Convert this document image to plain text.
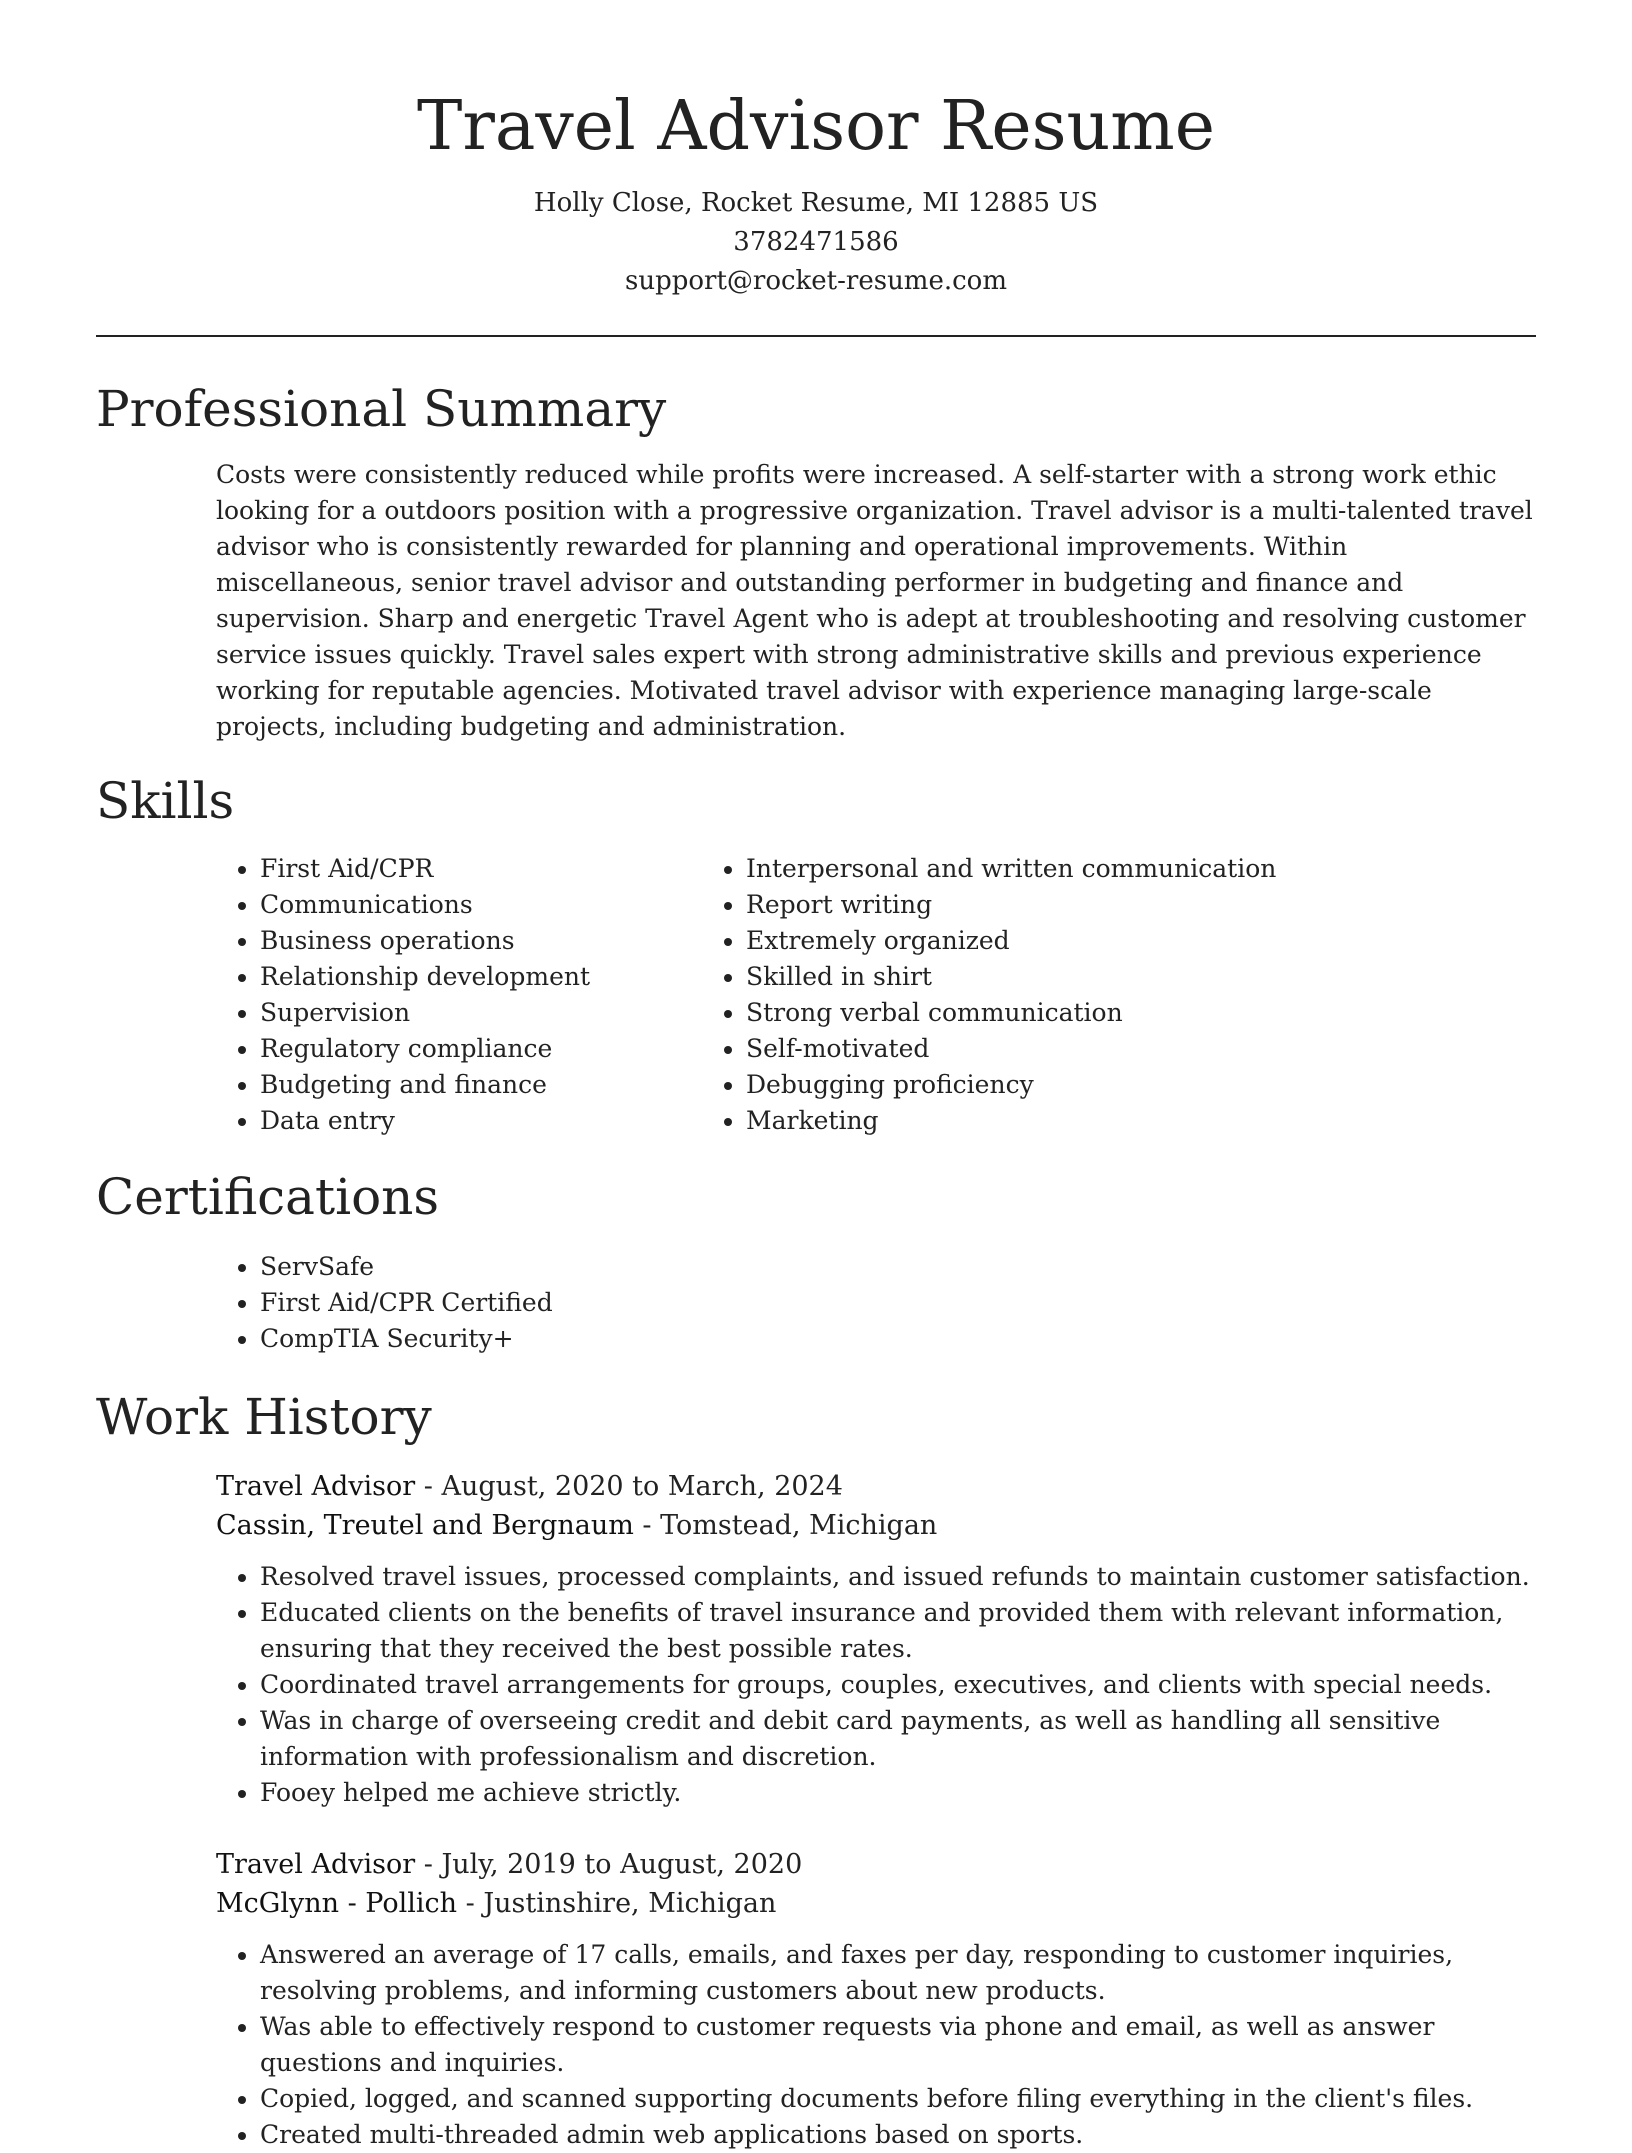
Travel Advisor Resume
Holly Close, Rocket Resume, MI 12885 US
3782471586
support@rocket-resume.com
Professional Summary

Costs were consistently reduced while profits were increased. A self-starter with a strong work ethic looking for a outdoors position with a progressive organization. Travel advisor is a multi-talented travel advisor who is consistently rewarded for planning and operational improvements. Within miscellaneous, senior travel advisor and outstanding performer in budgeting and finance and supervision. Sharp and energetic Travel Agent who is adept at troubleshooting and resolving customer service issues quickly. Travel sales expert with strong administrative skills and previous experience working for reputable agencies. Motivated travel advisor with experience managing large-scale projects, including budgeting and administration.

Skills
• First Aid/CPR
• Communications
• Business operations
• Relationship development
• Supervision
• Regulatory compliance
• Budgeting and finance
• Data entry
• Interpersonal and written communication
• Report writing
• Extremely organized
• Skilled in shirt
• Strong verbal communication
• Self-motivated
• Debugging proficiency
• Marketing
Certifications
• ServSafe
• First Aid/CPR Certified
• CompTIA Security+
Work History
Travel Advisor - August, 2020 to March, 2024
Cassin, Treutel and Bergnaum - Tomstead, Michigan
• Resolved travel issues, processed complaints, and issued refunds to maintain customer satisfaction.
• Educated clients on the benefits of travel insurance and provided them with relevant information, ensuring that they received the best possible rates.
• Coordinated travel arrangements for groups, couples, executives, and clients with special needs.
• Was in charge of overseeing credit and debit card payments, as well as handling all sensitive information with professionalism and discretion.
• Fooey helped me achieve strictly.
Travel Advisor - July, 2019 to August, 2020
McGlynn - Pollich - Justinshire, Michigan
• Answered an average of 17 calls, emails, and faxes per day, responding to customer inquiries, resolving problems, and informing customers about new products.
• Was able to effectively respond to customer requests via phone and email, as well as answer questions and inquiries.
• Copied, logged, and scanned supporting documents before filing everything in the client's files.
• Created multi-threaded admin web applications based on sports.
